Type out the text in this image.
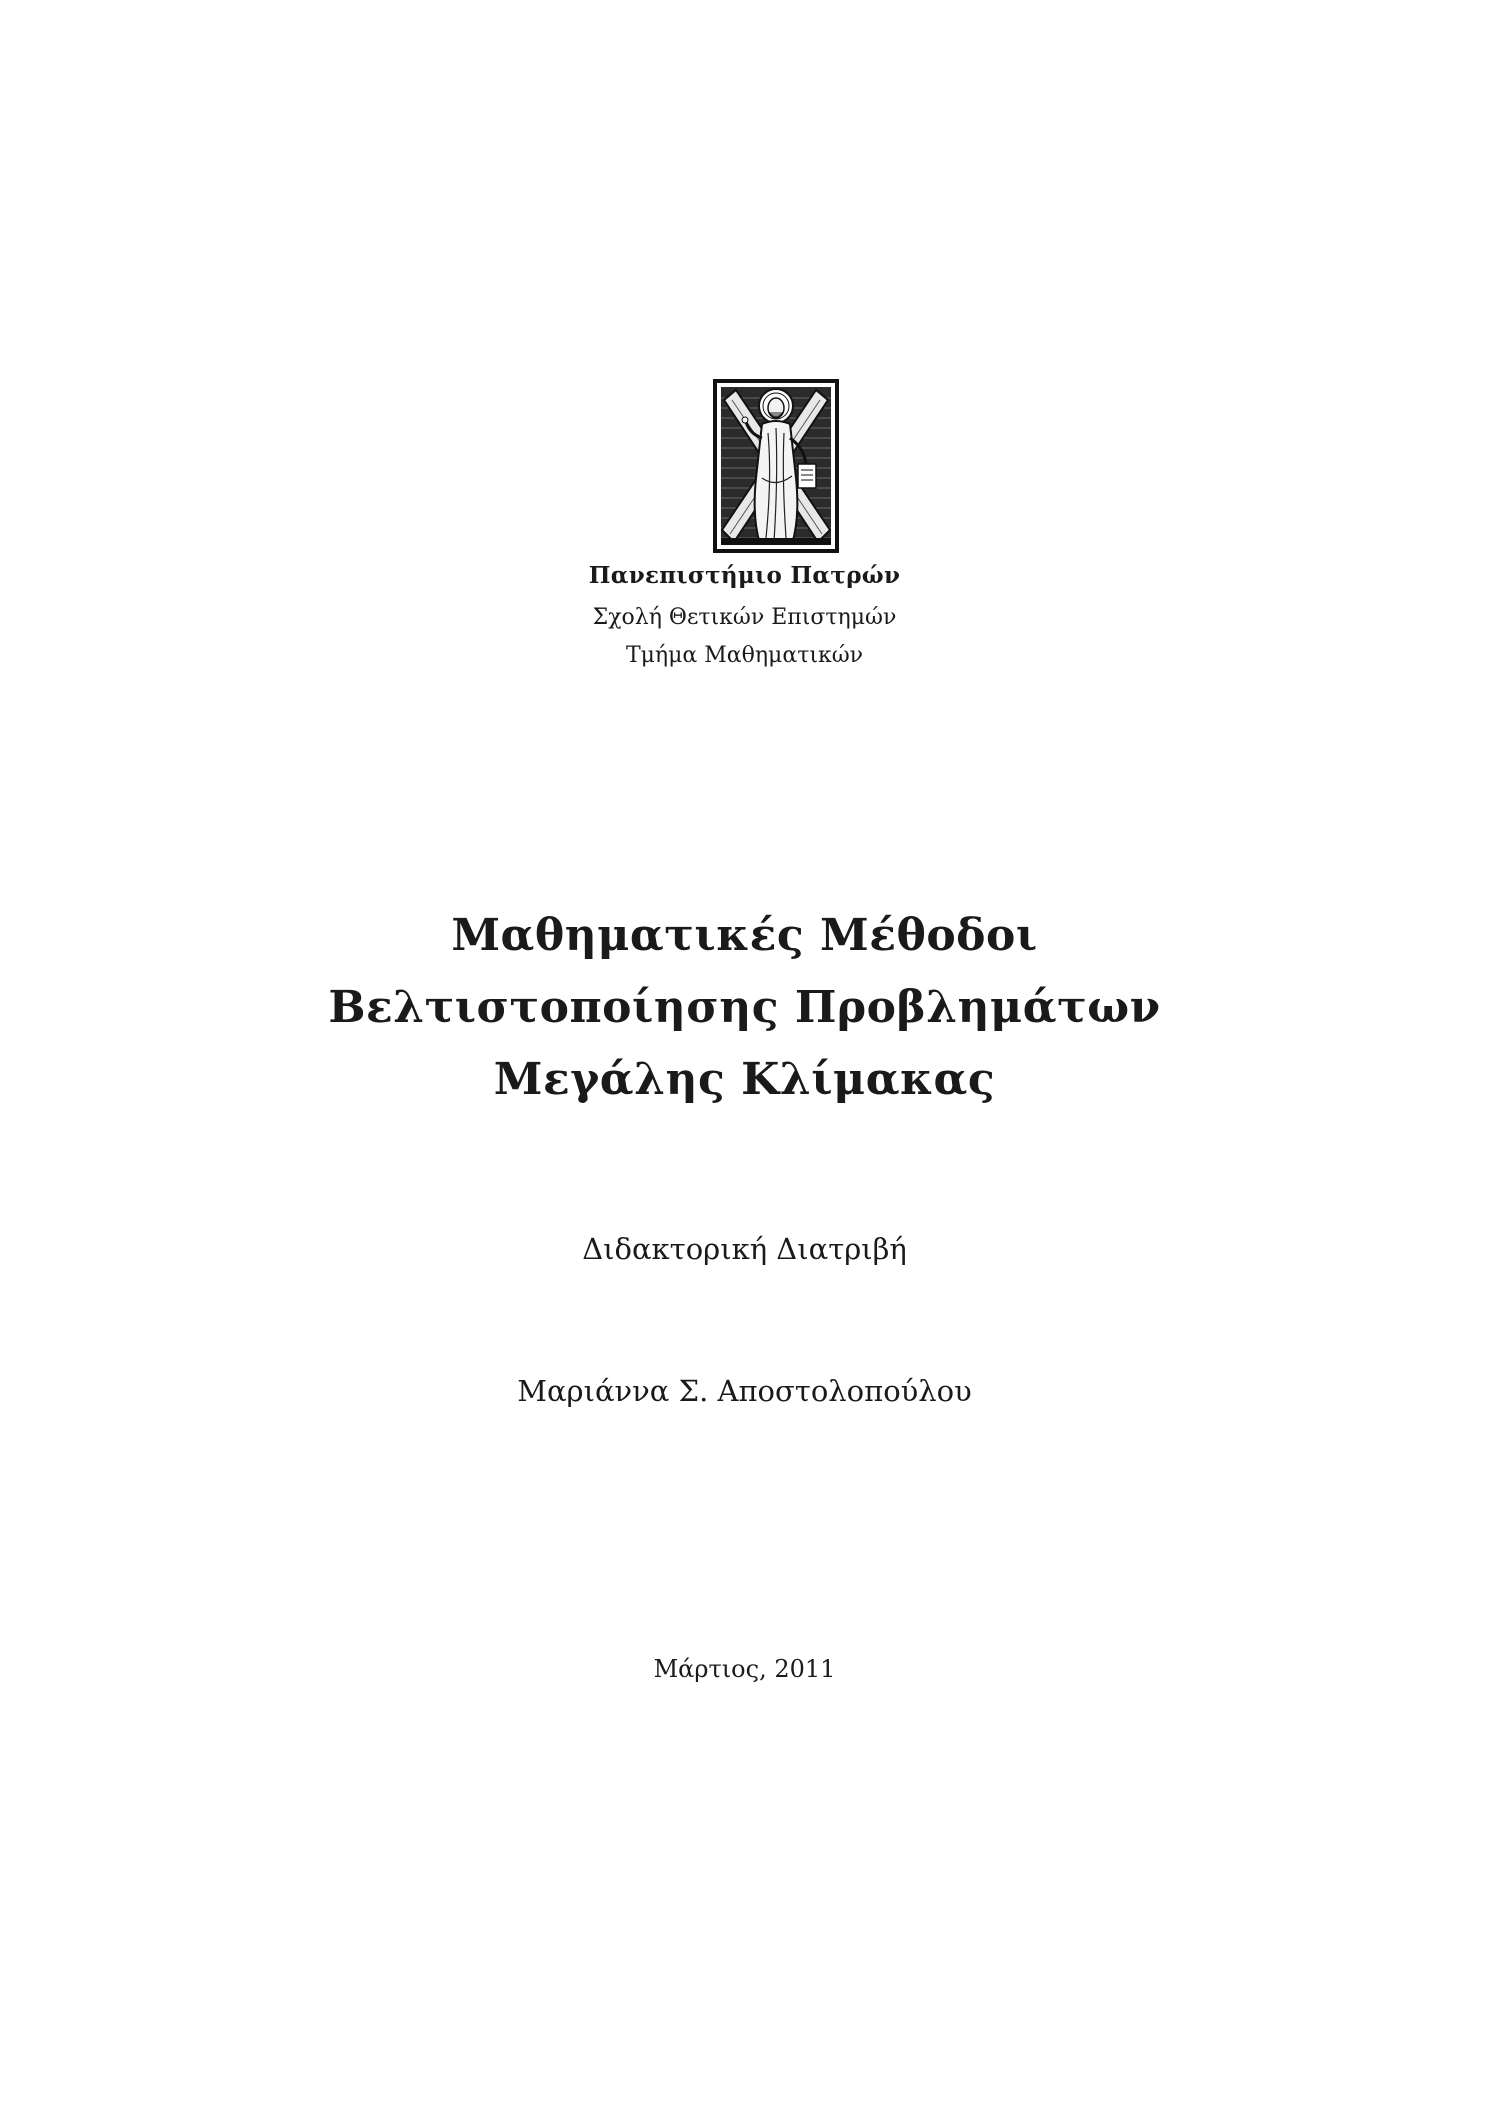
Πανεπιστήμιο Πατρών
Σχολή Θετικών Επιστημών
Τμήμα Μαθηματικών
Μαθηματικές Μέθοδοι
Βελτιστοποίησης Προβλημάτων
Μεγάλης Κλίμακας
Διδακτορική Διατριβή
Μαριάννα Σ. Αποστολοπούλου
Μάρτιος, 2011
